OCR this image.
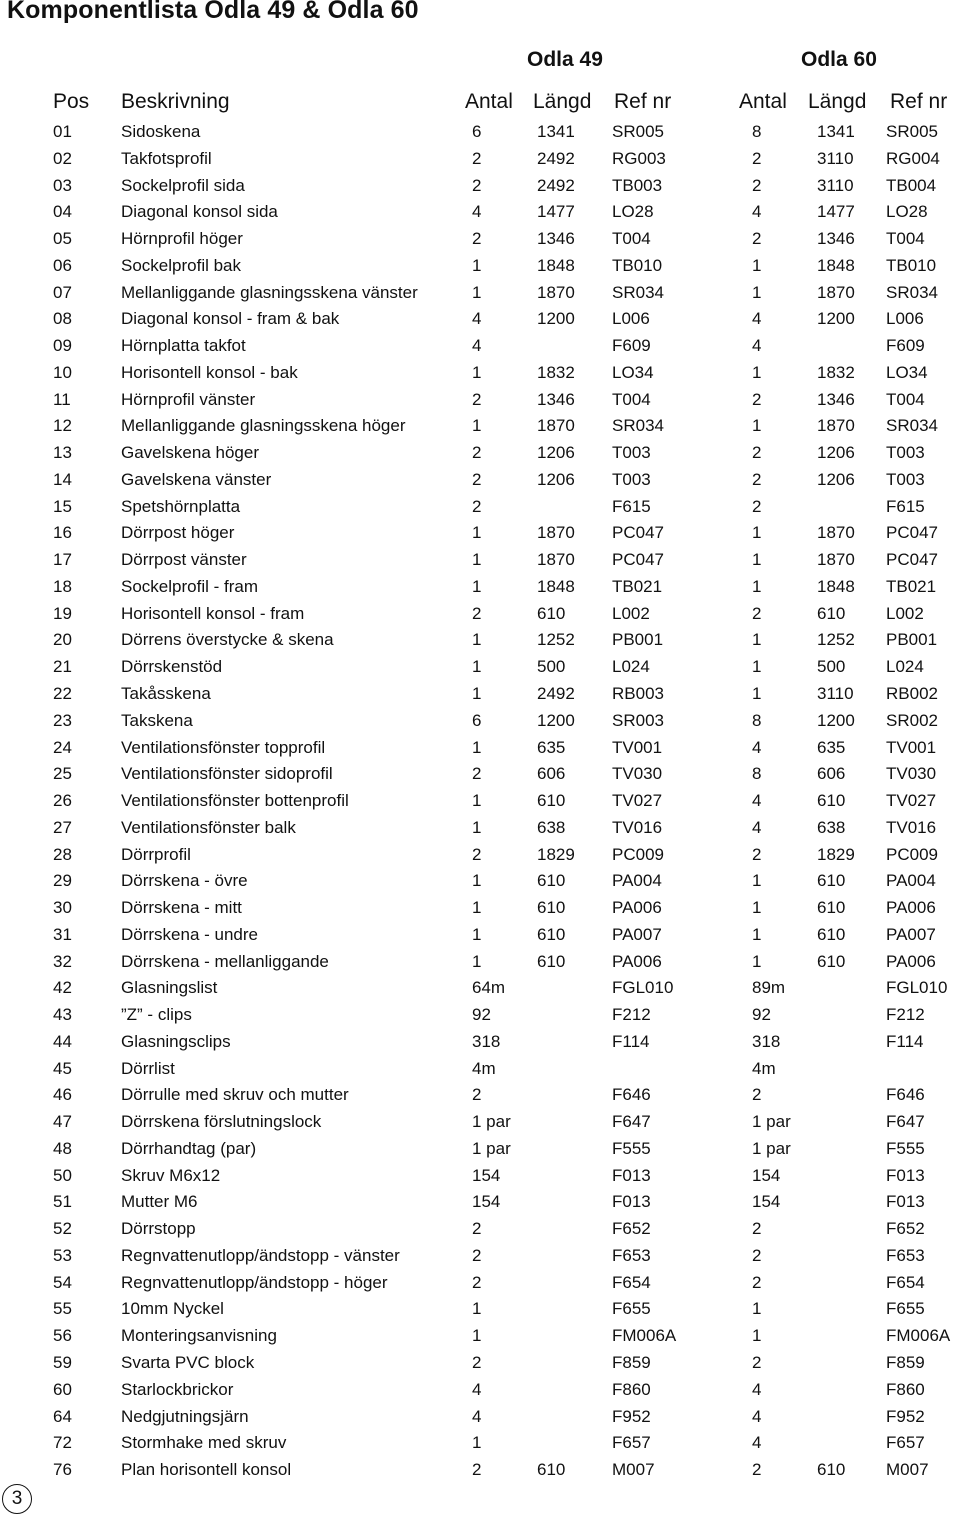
Komponentlista Odla 49 & Odla 60
Odla 49	Odla 60
Pos Beskrivning	Antal Längd Ref nr	Antal Längd Ref nr
01	Sidoskena	6	1341 SR005	8	1341 SR005
02	Takfotsprofil	2	2492 RG003	2	3110 RG004
03	Sockelprofil sida	2	2492 TB003	2	3110 TB004
04	Diagonal konsol sida	4	1477 LO28	4	1477 LO28
05	Hörnprofil höger	2	1346 T004	2	1346 T004
06	Sockelprofil bak	1	1848 TB010	1	1848 TB010
07	Mellanliggande glasningsskena vänster	1	1870 SR034	1	1870 SR034
08	Diagonal konsol - fram & bak	4	1200 L006	4	1200 L006
09	Hörnplatta takfot	4	F609	4	F609
10	Horisontell konsol - bak	1	1832 LO34	1	1832 LO34
11	Hörnprofil vänster	2	1346 T004	2	1346 T004
12	Mellanliggande glasningsskena höger	1	1870 SR034	1	1870 SR034
13	Gavelskena höger	2	1206 T003	2	1206 T003
14	Gavelskena vänster	2	1206 T003	2	1206 T003
15	Spetshörnplatta	2	F615	2	F615
16	Dörrpost höger	1	1870 PC047	1	1870 PC047
17	Dörrpost vänster	1	1870 PC047	1	1870 PC047
18	Sockelprofil - fram	1	1848 TB021	1	1848 TB021
19	Horisontell konsol - fram	2	610	L002	2	610 L002
20	Dörrens överstycke & skena	1	1252 PB001	1	1252 PB001
21	Dörrskenstöd	1	500	L024	1	500 L024
22	Takåsskena	1	2492 RB003	1	3110 RB002
23	Takskena	6	1200 SR003	8	1200 SR002
24	Ventilationsfönster topprofil	1	635	TV001	4	635 TV001
25	Ventilationsfönster sidoprofil	2	606	TV030	8	606 TV030
26	Ventilationsfönster bottenprofil	1	610	TV027	4	610 TV027
27	Ventilationsfönster balk	1	638	TV016	4	638 TV016
28	Dörrprofil	2	1829 PC009	2	1829 PC009
29	Dörrskena - övre	1	610	PA004	1	610 PA004
30	Dörrskena - mitt	1	610	PA006	1	610 PA006
31	Dörrskena - undre	1	610	PA007	1	610 PA007
32	Dörrskena - mellanliggande	1	610	PA006	1	610 PA006
42	Glasningslist	64m	FGL010	89m	FGL010
43	”Z” - clips	92	F212	92	F212
44	Glasningsclips	318	F114	318	F114
45	Dörrlist	4m	4m
46	Dörrulle med skruv och mutter	2	F646	2	F646
47	Dörrskena förslutningslock	1 par	F647	1 par	F647
48	Dörrhandtag (par)	1 par	F555	1 par	F555
50	Skruv M6x12	154	F013	154	F013
51	Mutter M6	154	F013	154	F013
52	Dörrstopp	2	F652	2	F652
53	Regnvattenutlopp/ändstopp - vänster	2	F653	2	F653
54	Regnvattenutlopp/ändstopp - höger	2	F654	2	F654
55	10mm Nyckel	1	F655	1	F655
56	Monteringsanvisning	1	FM006A	1	FM006A
59	Svarta PVC block	2	F859	2	F859
60	Starlockbrickor	4	F860	4	F860
64	Nedgjutningsjärn	4	F952	4	F952
72	Stormhake med skruv	1	F657	4	F657
76	Plan horisontell konsol	2	610	M007	2	610 M007
3
